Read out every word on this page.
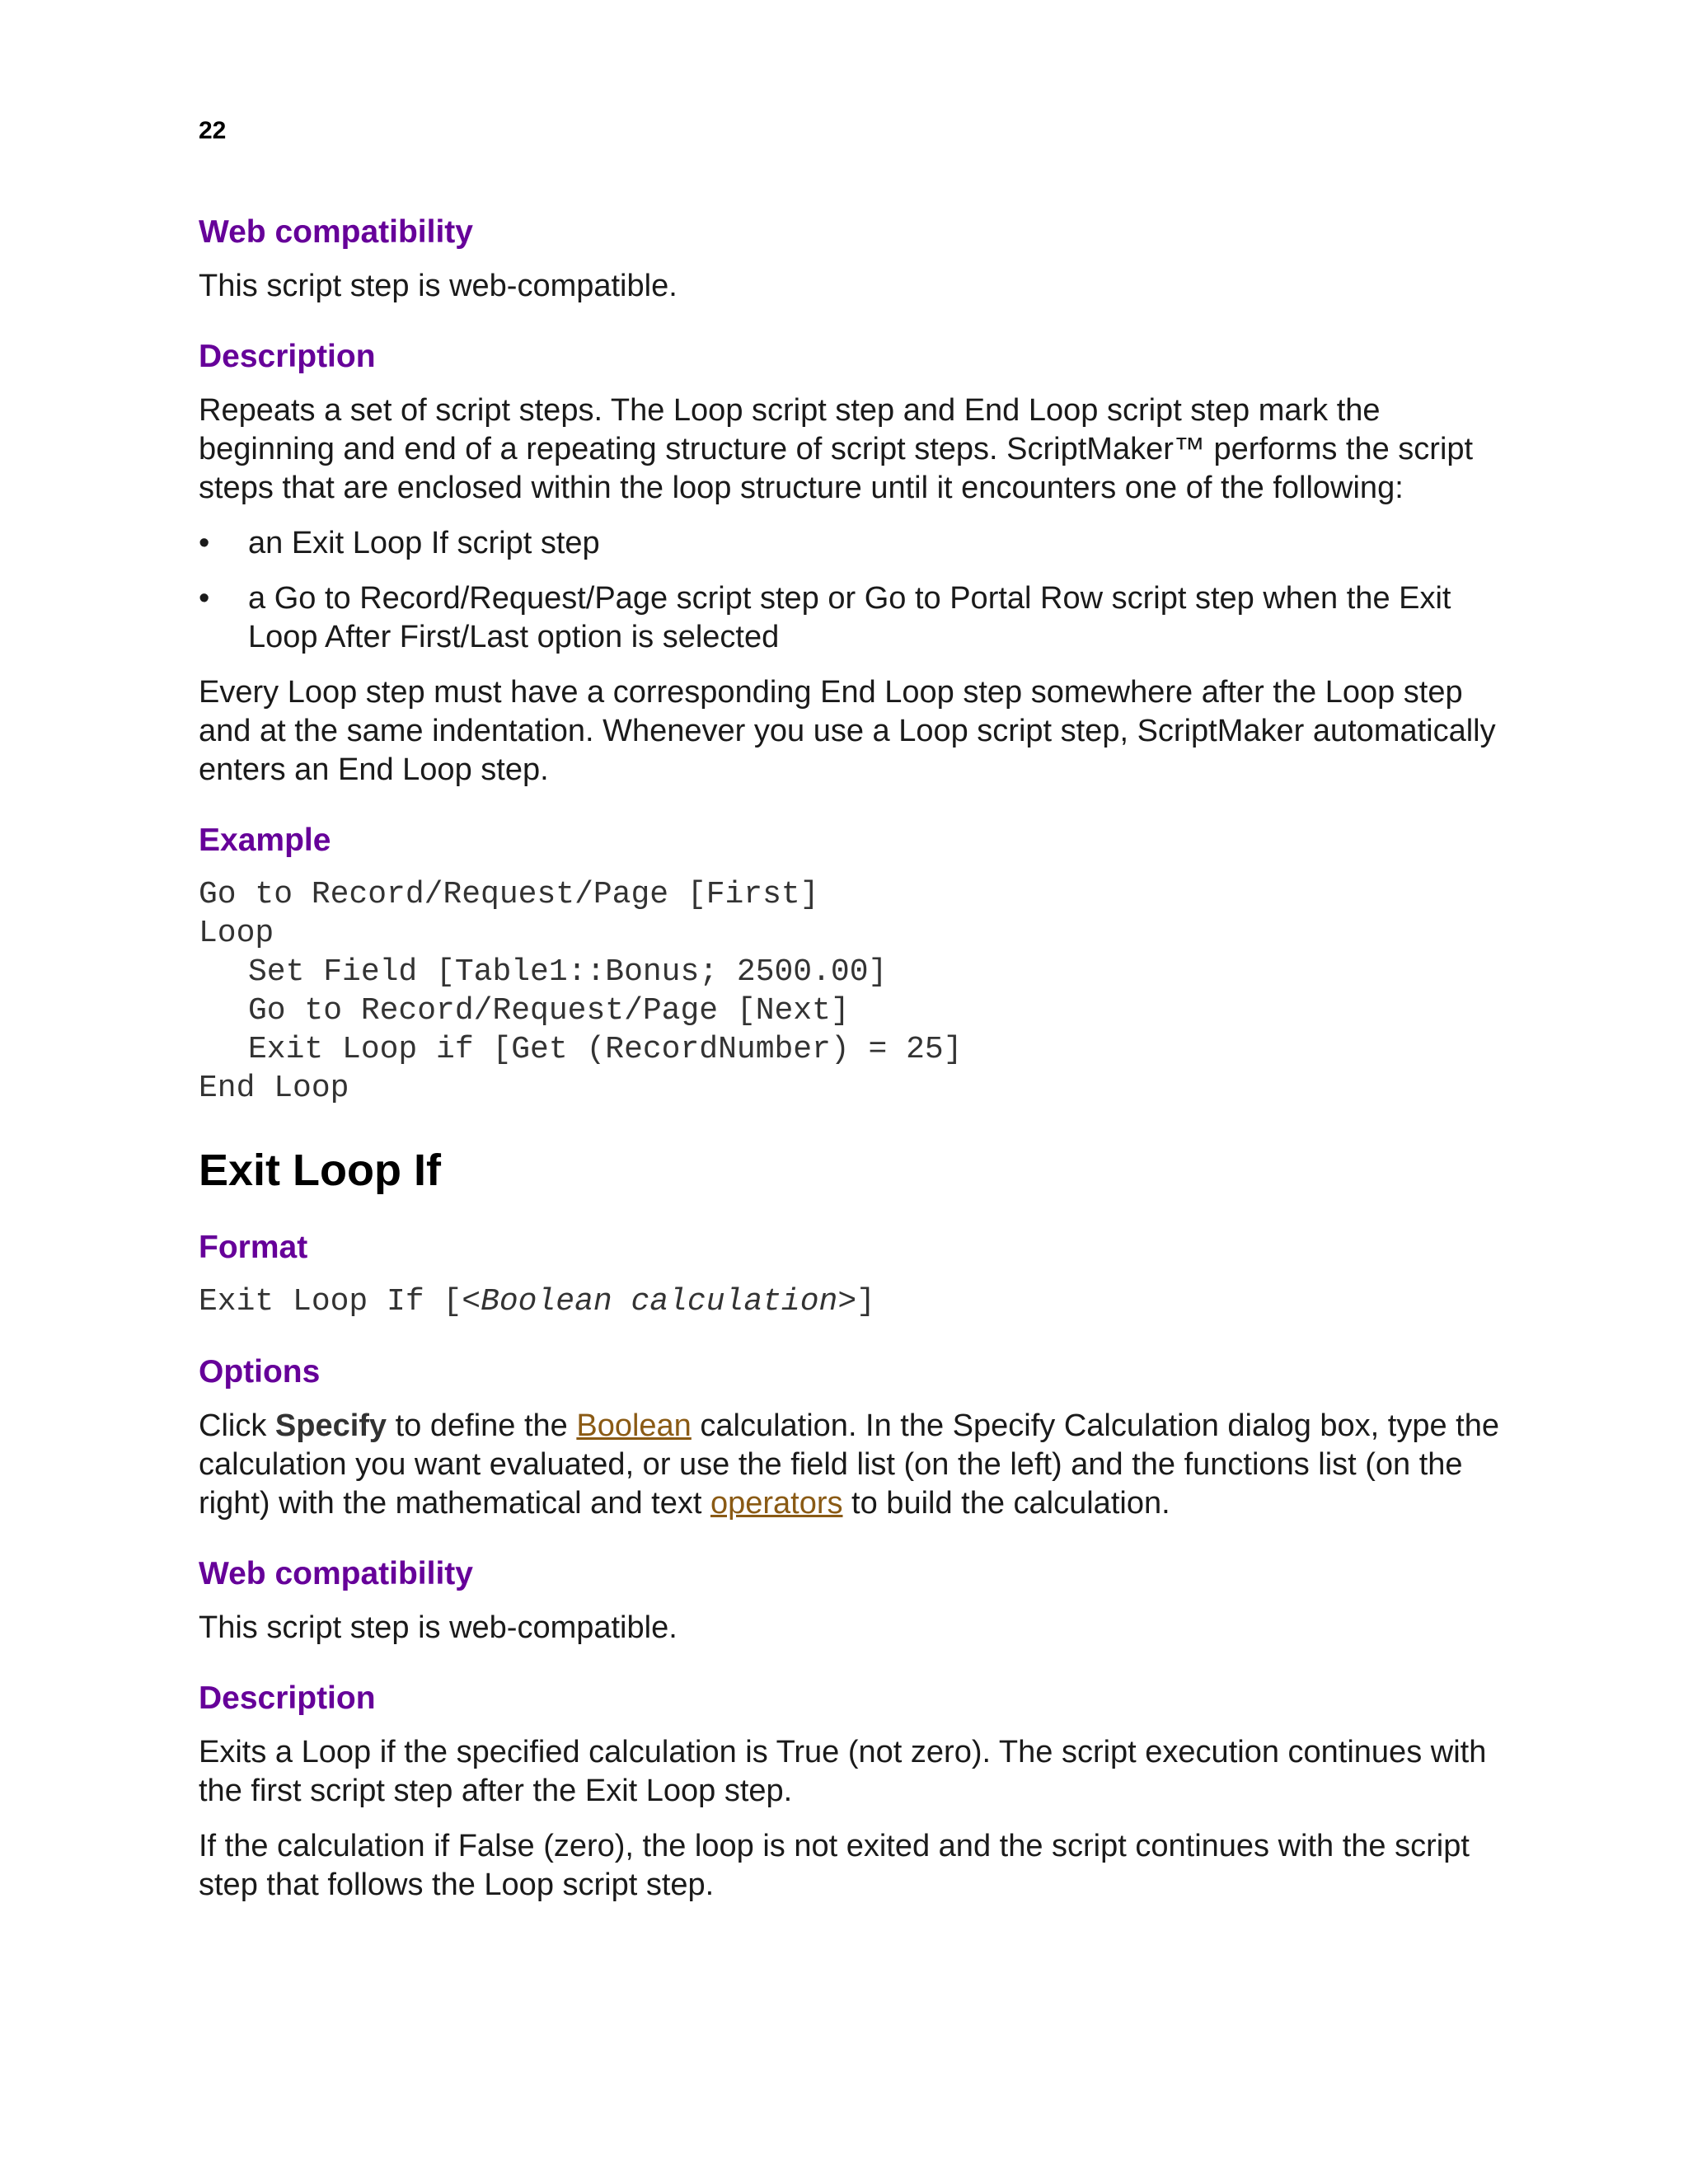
22
Web compatibility

This script step is web-compatible.

Description

Repeats a set of script steps. The Loop script step and End Loop script step mark the beginning and end of a repeating structure of script steps. ScriptMaker™ performs the script steps that are enclosed within the loop structure until it encounters one of the following:

•	an Exit Loop If script step
•	a Go to Record/Request/Page script step or Go to Portal Row script step when the Exit Loop After First/Last option is selected

Every Loop step must have a corresponding End Loop step somewhere after the Loop step and at the same indentation. Whenever you use a Loop script step, ScriptMaker automatically enters an End Loop step.

Example
Go to Record/Request/Page [First]
Loop
Set Field [Table1::Bonus; 2500.00]
Go to Record/Request/Page [Next]
Exit Loop if [Get (RecordNumber) = 25]
End Loop
Exit Loop If
Format
Exit Loop If [<Boolean calculation>]
Options

Click Specify to define the Boolean calculation. In the Specify Calculation dialog box, type the calculation you want evaluated, or use the field list (on the left) and the functions list (on the right) with the mathematical and text operators to build the calculation.

Web compatibility

This script step is web-compatible.

Description

Exits a Loop if the specified calculation is True (not zero). The script execution continues with the first script step after the Exit Loop step.

If the calculation if False (zero), the loop is not exited and the script continues with the script step that follows the Loop script step.
